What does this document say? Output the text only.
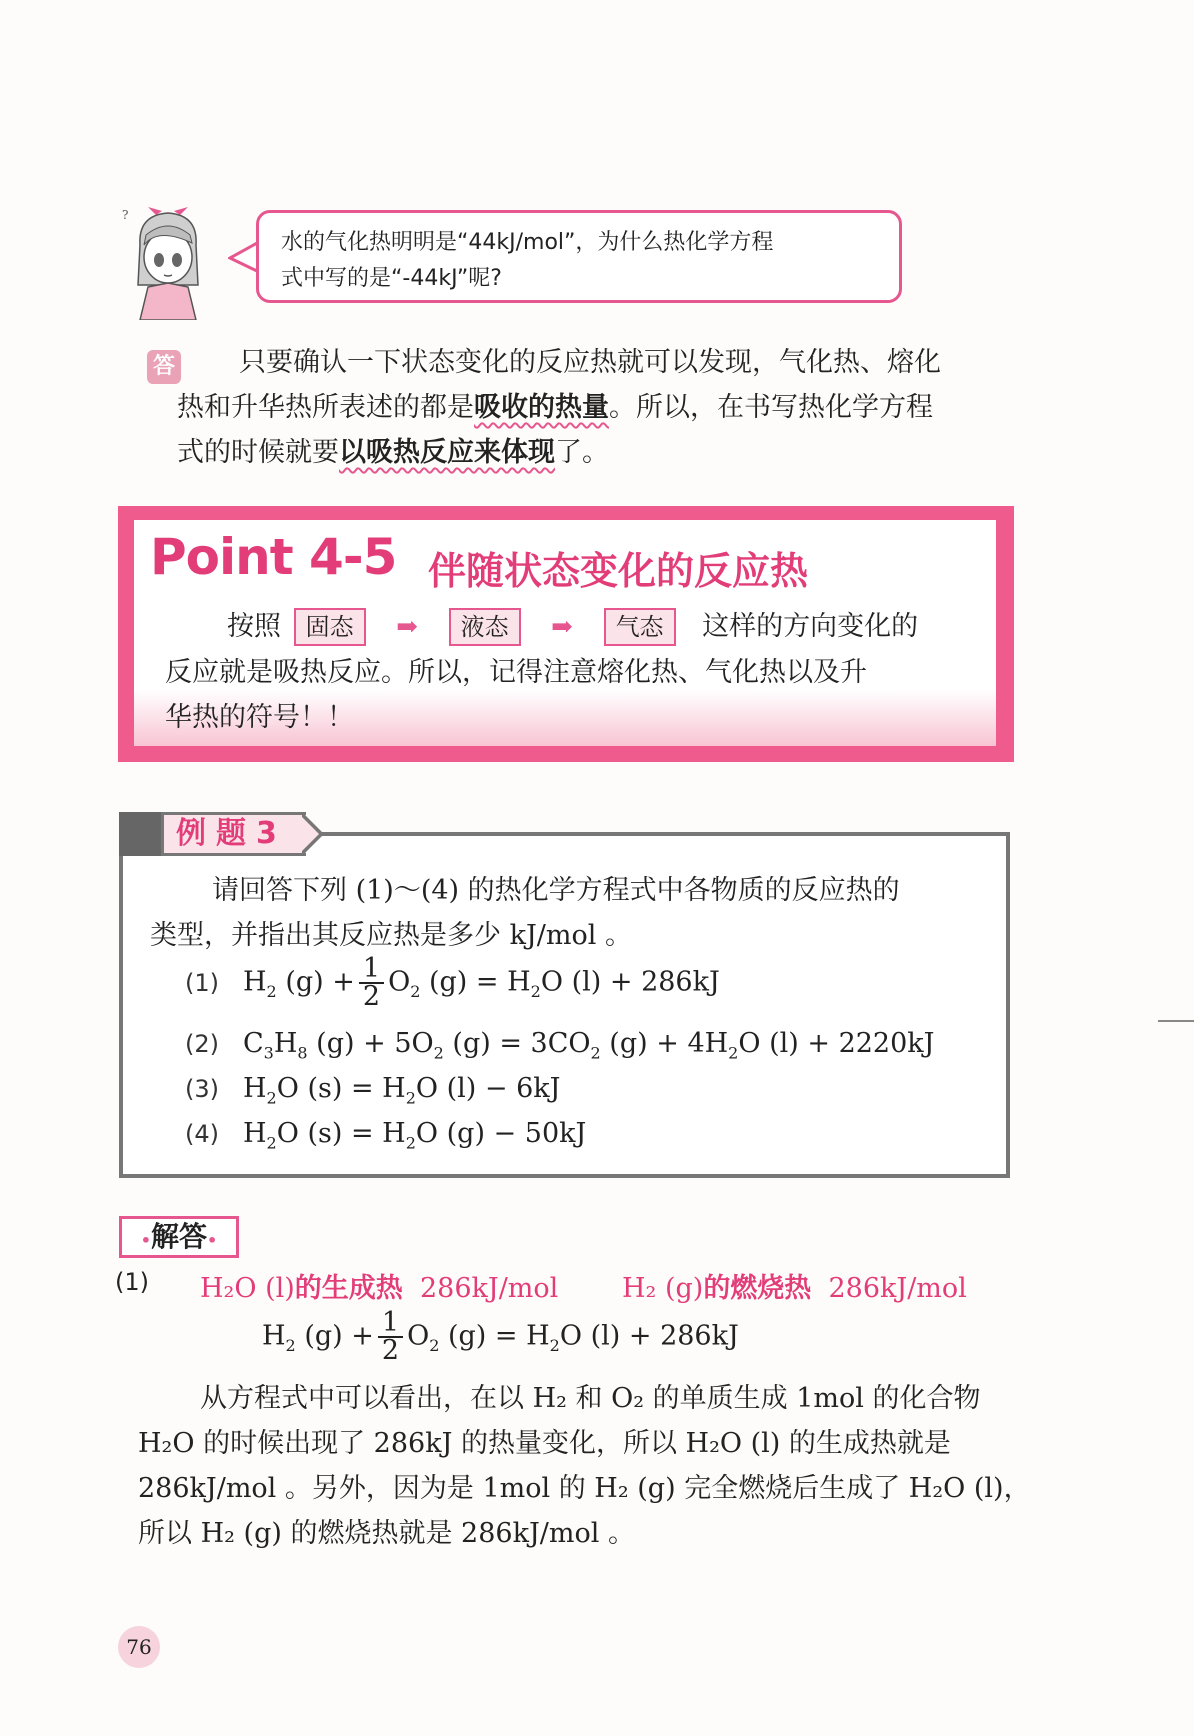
?
水的气化热明明是“44kJ/mol”，为什么热化学方程
式中写的是“-44kJ”呢?
答	只要确认一下状态变化的反应热就可以发现，气化热、熔化
热和升华热所表述的都是吸收的热量。所以，在书写热化学方程
式的时候就要以吸热反应来体现了。
Point 4-5 伴随状态变化的反应热
按照 固态 ➡ 液态 ➡ 气态 这样的方向变化的
反应就是吸热反应。所以，记得注意熔化热、气化热以及升
华热的符号！！
例题3
请回答下列 (1)～(4) 的热化学方程式中各物质的反应热的
类型，并指出其反应热是多少 kJ/mol 。
(1) $H_2$ $(g) + \frac{1}{2} O_2$ $(g) = H_2O$ (l) + 286kJ
(2) $C_3H_8$ $(g) + 5O_2$ $(g) = 3CO_2$ $(g) + 4H_2O$ (l) + 2220kJ
(3) $H_2O$ $(s) = H_2O$ (l) − 6kJ
(4) $H_2O$ $(s) = H_2O$ (g) − 50kJ
•解答•
(1) H₂O (l)的生成热 286kJ/mol H₂ (g)的燃烧热 286kJ/mol
$H_2$ $(g) + \frac{1}{2} O_2$ $(g) = H_2O$ (l) + 286kJ
从方程式中可以看出，在以 H₂ 和 O₂ 的单质生成 1mol 的化合物
H₂O 的时候出现了 286kJ 的热量变化，所以 H₂O (l) 的生成热就是
286kJ/mol 。另外，因为是 1mol 的 H₂ (g) 完全燃烧后生成了 H₂O (l)，
所以 H₂ (g) 的燃烧热就是 286kJ/mol 。
76
